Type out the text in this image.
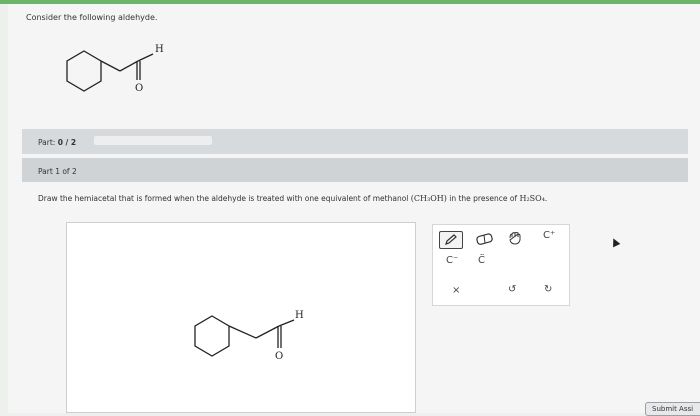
Consider the following aldehyde.
H
O
Part: 0 / 2
Part 1 of 2
Draw the hemiacetal that is formed when the aldehyde is treated with one equivalent of methanol (CH₃OH) in the presence of H₂SO₄.
H
O
C⁺
C⁻ C̈
×	↺	↻
Submit Assi
